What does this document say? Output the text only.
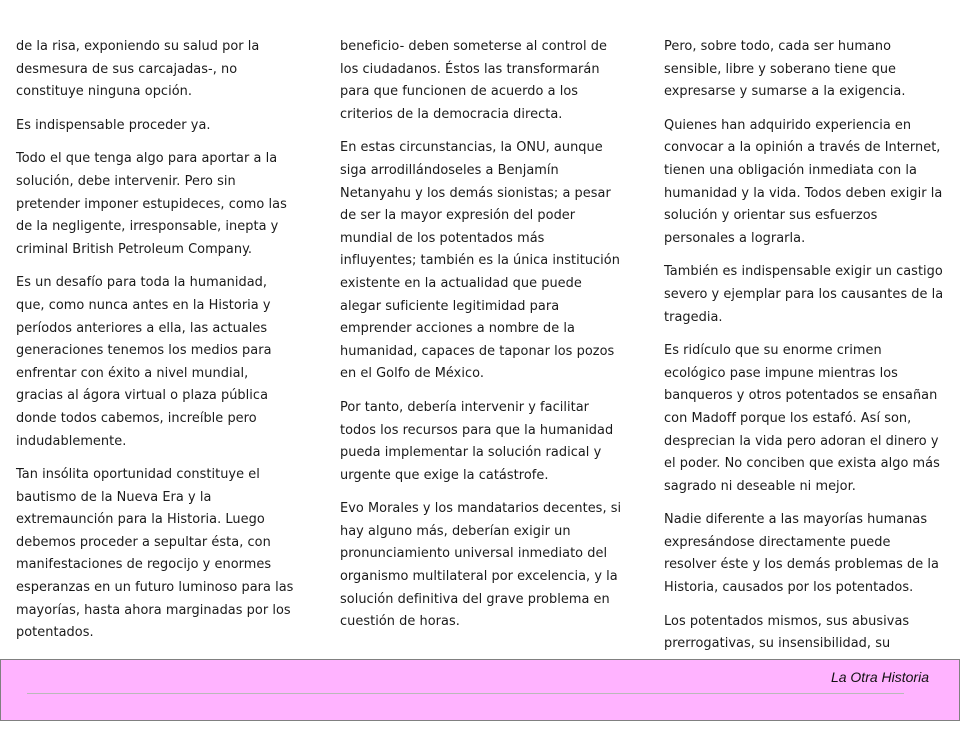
de la risa, exponiendo su salud por la desmesura de sus carcajadas-, no constituye ninguna opción.

Es indispensable proceder ya.

Todo el que tenga algo para aportar a la solución, debe intervenir. Pero sin pretender imponer estupideces, como las de la negligente, irresponsable, inepta y criminal British Petroleum Company.

Es un desafío para toda la humanidad, que, como nunca antes en la Historia y períodos anteriores a ella, las actuales generaciones tenemos los medios para enfrentar con éxito a nivel mundial, gracias al ágora virtual o plaza pública donde todos cabemos, increíble pero indudablemente.

Tan insólita oportunidad constituye el bautismo de la Nueva Era y la extremaunción para la Historia. Luego debemos proceder a sepultar ésta, con manifestaciones de regocijo y enormes esperanzas en un futuro luminoso para las mayorías, hasta ahora marginadas por los potentados.

beneficio- deben someterse al control de los ciudadanos. Éstos las transformarán para que funcionen de acuerdo a los criterios de la democracia directa.

En estas circunstancias, la ONU, aunque siga arrodillándoseles a Benjamín Netanyahu y los demás sionistas; a pesar de ser la mayor expresión del poder mundial de los potentados más influyentes; también es la única institución existente en la actualidad que puede alegar suficiente legitimidad para emprender acciones a nombre de la humanidad, capaces de taponar los pozos en el Golfo de México.

Por tanto, debería intervenir y facilitar todos los recursos para que la humanidad pueda implementar la solución radical y urgente que exige la catástrofe.

Evo Morales y los mandatarios decentes, si hay alguno más, deberían exigir un pronunciamiento universal inmediato del organismo multilateral por excelencia, y la solución definitiva del grave problema en cuestión de horas.

Pero, sobre todo, cada ser humano sensible, libre y soberano tiene que expresarse y sumarse a la exigencia.

Quienes han adquirido experiencia en convocar a la opinión a través de Internet, tienen una obligación inmediata con la humanidad y la vida. Todos deben exigir la solución y orientar sus esfuerzos personales a lograrla.

También es indispensable exigir un castigo severo y ejemplar para los causantes de la tragedia.

Es ridículo que su enorme crimen ecológico pase impune mientras los banqueros y otros potentados se ensañan con Madoff porque los estafó. Así son, desprecian la vida pero adoran el dinero y el poder. No conciben que exista algo más sagrado ni deseable ni mejor.

Nadie diferente a las mayorías humanas expresándose directamente puede resolver éste y los demás problemas de la Historia, causados por los potentados.

Los potentados mismos, sus abusivas prerrogativas, su insensibilidad, su

La Otra Historia
